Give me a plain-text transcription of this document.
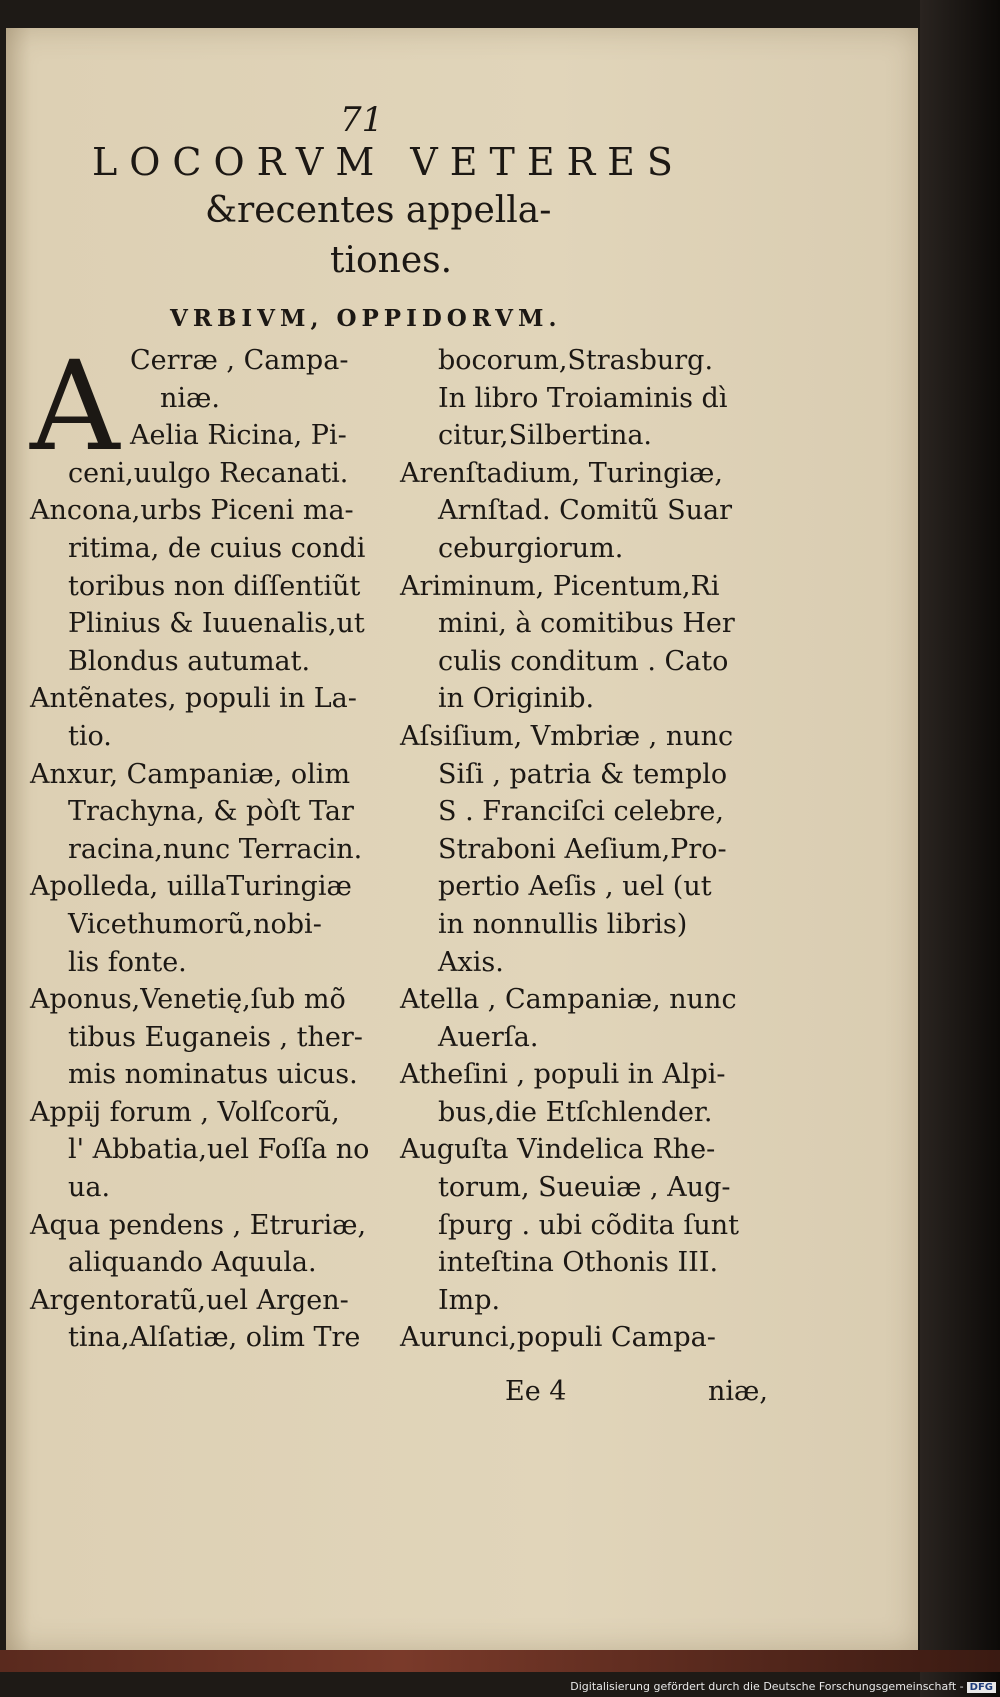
71
LOCORVM VETERES
&recentes appella-
tiones.
VRBIVM, OPPIDORVM.
A Cerræ , Campa-
niæ.
Aelia Ricina, Pi-
ceni,uulgo Recanati.
Ancona,urbs Piceni ma-
ritima, de cuius condi
toribus non diſſentiũt
Plinius & Iuuenalis,ut
Blondus autumat.
Antẽnates, populi in La-
tio.
Anxur, Campaniæ, olim
Trachyna, & pòſt Tar
racina,nunc Terracin.
Apolleda, uillaTuringiæ
Vicethumorũ,nobi-
lis fonte.
Aponus,Venetię,ſub mõ
tibus Euganeis , ther-
mis nominatus uicus.
Appij forum , Volſcorũ,
l' Abbatia,uel Foſſa no
ua.
Aqua pendens , Etruriæ,
aliquando Aquula.
Argentoratũ,uel Argen-
tina,Alſatiæ, olim Tre
bocorum,Strasburg.
In libro Troiaminis dì
citur,Silbertina.
Arenſtadium, Turingiæ,
Arnſtad. Comitũ Suar
ceburgiorum.
Ariminum, Picentum,Ri
mini, à comitibus Her
culis conditum . Cato
in Originib.
Aſsiſium, Vmbriæ , nunc
Siſi , patria & templo
S . Franciſci celebre,
Straboni Aeſium,Pro-
pertio Aeſis , uel (ut
in nonnullis libris)
Axis.
Atella , Campaniæ, nunc
Auerſa.
Atheſini , populi in Alpi-
bus,die Etſchlender.
Auguſta Vindelica Rhe-
torum, Sueuiæ , Aug-
ſpurg . ubi cõdita ſunt
inteſtina Othonis III.
Imp.
Aurunci,populi Campa-
Ee 4	niæ,
Digitalisierung gefördert durch die Deutsche Forschungsgemeinschaft - DFG
